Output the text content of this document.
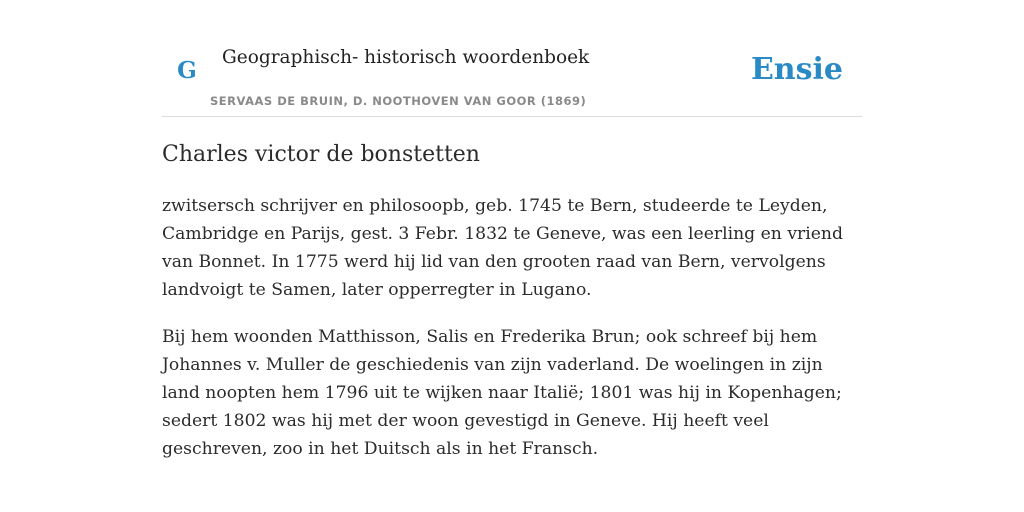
G Geographisch- historisch woordenboek
SERVAAS DE BRUIN, D. NOOTHOVEN VAN GOOR (1869)
Ensie
Charles victor de bonstetten

zwitsersch schrijver en philosoopb, geb. 1745 te Bern, studeerde te Leyden, Cambridge en Parijs, gest. 3 Febr. 1832 te Geneve, was een leerling en vriend van Bonnet. In 1775 werd hij lid van den grooten raad van Bern, vervolgens landvoigt te Samen, later opperregter in Lugano.

Bij hem woonden Matthisson, Salis en Frederika Brun; ook schreef bij hem Johannes v. Muller de geschiedenis van zijn vaderland. De woelingen in zijn land noopten hem 1796 uit te wijken naar Italië; 1801 was hij in Kopenhagen; sedert 1802 was hij met der woon gevestigd in Geneve. Hij heeft veel geschreven, zoo in het Duitsch als in het Fransch.
